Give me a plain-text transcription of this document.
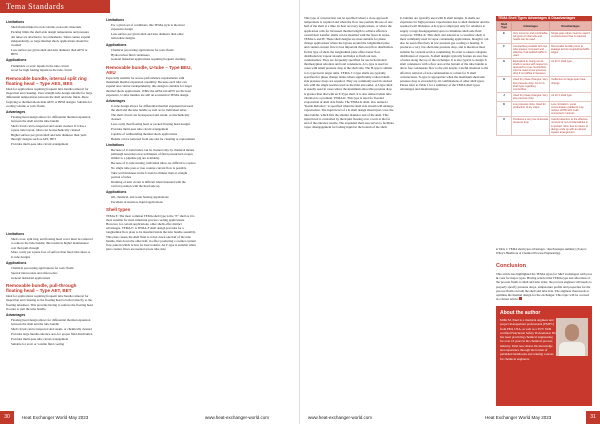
Tema Standards

Limitations

• Shell fluids limited to non-volatile, non-toxic materials
• Packing limits the shell-side design temperature and pressure
• All tubes are attached to two tubesheets. Tubes cannot expand independently, so large thermal shock applications should be avoided
• Less surface per given shell and tube diameter than AEW or BEW

Applications

• Flammable or toxic liquids in the tube circuit
• Good for high fouling liquids in the tube circuit

Removable bundle, internal split ring floating head – Type AES, BES

Ideal for applications requiring frequent tube bundle removal for inspection and cleaning. Uses straight-tube design suitable for large differential temperatures between the shell and tube fluids. More forgiving to thermal shock than AEW or BEM designs. Suitable for cooling volatile or toxic fluids.

Advantages

• Floating head design allows for differential thermal expansion between the shell and the tube bundle
• Shell circuit can be inspected and steam cleaned. If it has a square tube layout, tubes can be mechanically cleaned
• Higher surface per given shell and tube diameter than 'pull-through' designs such as AET, BET
• Provides multi-pass tube circuit arrangement

Limitations

• Shell cover, split ring, and floating head cover must be removed to remove the tube bundle; this results in higher maintenance cost than pull-through
• More costly per square foot of surface than fixed tube sheet or U-tube designs

Applications

• Chemical processing applications for toxic fluids
• Special intercoolers and aftercoolers
• General industrial applications

Removable bundle, pull-through floating head – Type AET, BET

Ideal for applications requiring frequent tube bundle removal for inspection and cleaning as the floating head is bolted directly to the floating tubesheet. This prevents having to remove the floating head in order to pull the tube bundle.

Advantages

• Floating head design allows for differential thermal expansion between the shell and the tube bundle
• Shell circuit can be inspected and steam- or chemically cleaned
• Provides large bundle entrance area for proper fluid distribution
• Provides multi-pass tube circuit arrangement
• Suitable for toxic or volatile fluid cooling

Limitations

• For a given set of conditions, this TEMA style is the most expensive design
• Less surface per given shell and tube diameter than other removable designs

Applications

• Chemical processing applications for toxic fluids
• Hydrocarbon fluid condensers
• General industrial applications requiring frequent cleaning

Removable bundle, U-tube – Type BEU, AEU

Especially suitable for severe performance requirements with maximum thermal expansion capability. Because each tube can expand and contract independently, this design is suitable for larger thermal shock applications. While the AEM and AEW are the least expensive, U-tube bundles are still an economical TEMA design.

Advantages

• U-tube design allows for differential thermal expansion between the shell and the tube bundle as well as for individual tubes
• The shell circuit can be inspected and steam- or mechanically cleaned
• Less costly than floating head or packed floating head designs
• Provides multi-pass tube circuit arrangement
• Capable of withstanding thermal shock applications
• Bundle can be removed from one end for cleaning or replacement

Limitations

• Because of U-bend tubes can be cleaned only by chemical means (although nowadays new techniques of fluid pressurised scrapes similar to a pipeline pig are available)
• Because of U-tube nesting, individual tubes are difficult to replace
• No single tube pass or true counter-current flow is possible
• Tube wall thickness in the U-bend is thinner than at straight portion of tubes
• Draining of tube circuit is difficult when mounted with the vertical position with the head side up

Applications

• Oil, chemical, and water heating applications
• Excellent in steam-to-liquid applications

Shell types

TEMA E: The most common TEMA shell type is the "E" shell as it is most suitable for most industrial process cooling applications. However, for certain applications, other shells offer distinct advantages. TEMA F: A TEMA-F shell design provides for a longitudinal flow plate to be installed inside the tube bundle assembly. This plate causes the shell fluid to travel down one half of the tube bundle, then down the other half, in effect producing a counter-current flow pattern which is best for heat transfer. An F-type is suitable when pure counter flows are needed across tube side.

30	Heat Exchanger World May 2023	www.heat-exchanger-world.com

This type of construction can be specified where a close approach temperature is required and when the flow rate permits the use of one half of the shell at a time. In heat recovery applications, or where the application calls for increased thermal length to achieve effective overall heat transfer, shells can be installed with the flows in series. TEMA G and H: These shell designs are most suitable for phase change applications where the bypass around the longitudinal plate and counter-current flow is less important than even flow distribution. In this type of shell, the longitudinal plate offers better flow distribution in vapour streams and helps to flush out non-condensables. They are frequently specified for use in horizontal thermosyphon reboilers and total condensers. A G-type is used for cases with small pressure drop at the shell side. The H-type is similar to G type but in larger units. TEMA J: J-type shells are typically specified for phase change duties where significantly reduced shell-side pressure drops are required. They are commonly used in stacked sets with the single nozzles used as the inlet and outlet. A J-type shell is usually used in cases where the maximum allowable pressure drop is greater than that with an E-Type shell. It is also utilised when tube vibration is a problem. TEMA K: This type is used for flooded evaporation of shell side fluids. The TEMA K shell, also termed a "Kettle Reboiler," is specified when the shell side stream will undergo vaporisation. The liquid level of a K shell design should just cover the tube bundle, which fills the smaller diameter end of the shell. This liquid level is controlled by the liquid flowing over a weir at the far end of the entrance nozzle. The expanded shell area serves to facilitate vapor disengagement for boiling liquid in the bottom of the shell.

U-bundles are typically used with K shell designs. K shells are expensive for high pressure vaporization due to shell diameter and the required wall thickness. A K-type is employed only for reboilers to supply a large disengagement space to minimise shell-side fluid carryover. TEMA X: This shell, also known as a crossflow shell, is most commonly used in vapor condensing applications, though it can also be used effectively in low pressure gas cooling or heating. It produces a very low shell-side pressure drop, and is therefore most suitable for vacuum service condensing. In order to ensure adequate distribution of vapours, X-shell designs typically feature an area free of tubes along the top of the exchanger. It is also typical to design X shell condensers with a flow area at the bottom of the tube bundle to allow free condensate flow to the exit nozzle. Careful attention to the effective removal of non-condensables is a must for X shell constructions. X-type is appropriate when the maximum shell-side pressure drop is exceeded by all combinations of other shell types. Please refer to Table 1 for a summary of the TEMA shell types advantages and disadvantages.

TEMA Shell Types Advantages & Disadvantages
Shell Type	Advantages	Disadvantages
E	Very common and predictable. All types of channels and heads can be used	Single pass tubes must be used if countercurrent flow is required
F	Counterflow possible with two tube passes. Compact and effective if all welded baffle is used	Removable bundle prone to leakage across longitudinal baffle edges
G	Equivalent to nearly two E-shells in series with respect to approach to true counterflow. Can be used at low pressure drop if no baffles in between	As for F shell type
H	Used for phase changes. Very low pressure drop. As for G-shell type regarding counterflow	Ineffective for large-span heat change
J	Used for phase changes. Very low pressure drop	As for F shell type
K	Low pressure drop. Used for production of dry vapor	Low circulation. Local concentration gradients may reduce LMTD with multi-component mixtures
X	Produces a very low shell-side pressure drop	Careful attention to the effective removal of non-condensables is important. Also, due to nature of design ends up with an almost square arrangement
● Table 1: TEMA shell types advantages / disadvantages summary (Source: Wiley's Handbook of Chemical Process Engineering).
Conclusion
This article has highlighted the TEMA types for S&T exchangers with pros & cons for major types. Having selected the TEMA type and allocation of the process fluids to shell and tube sides, the process engineer still needs to properly specify pressure drops, temperature profile and properties for the process fluids on both the shell and tube side. The engineer then needs to optimise the thermal design for the exchanger. This topic will be covered in a future article.
About the author
Mihir M. Patel is a chemical engineer and project management professional (PMP®) from PMI, USA, as well as a TUV SUD certified Functional Safety Professional. He has been practicing chemical engineering for over 10 years in the chemical process industry. Patel now shares his knowledge and experience through the format of published handbooks and training courses for chemical engineers.
www.heat-exchanger-world.com	Heat Exchanger World May 2023	31
